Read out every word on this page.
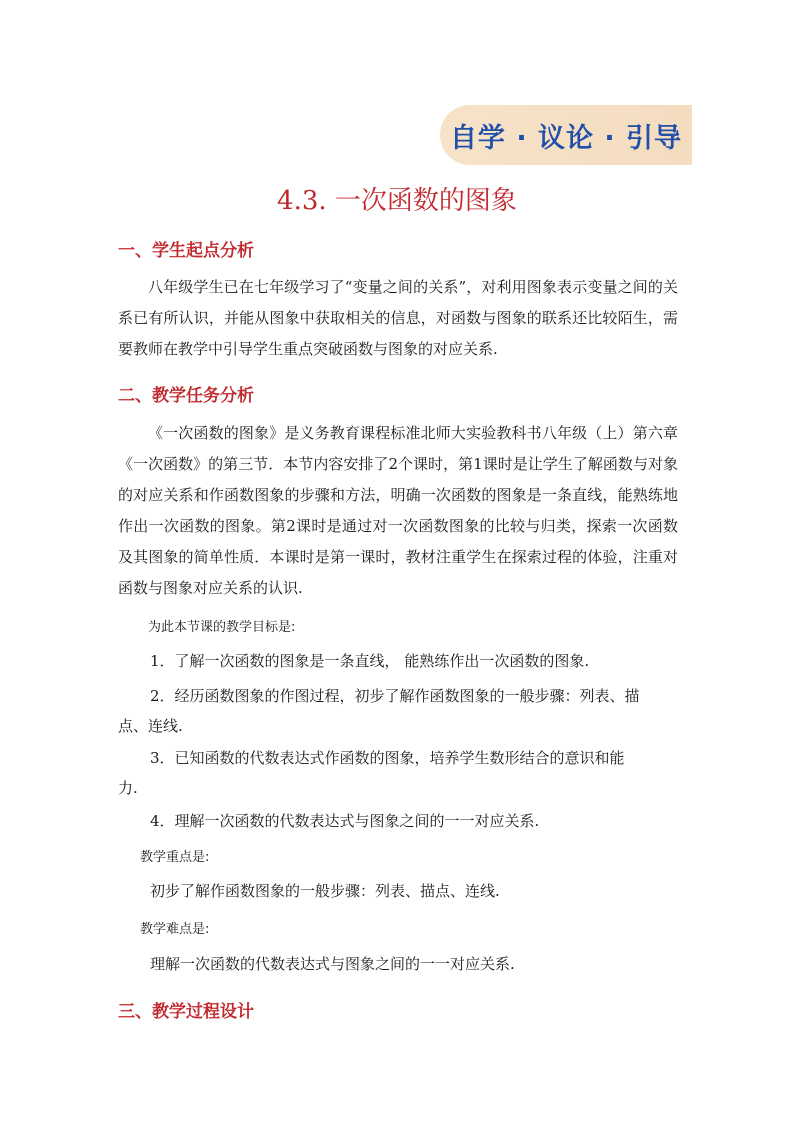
自学 · 议论 · 引导
4.3. 一次函数的图象
一、学生起点分析
八年级学生已在七年级学习了“变量之间的关系”，对利用图象表示变量之间的关系已有所认识，并能从图象中获取相关的信息，对函数与图象的联系还比较陌生，需要教师在教学中引导学生重点突破函数与图象的对应关系.
二、教学任务分析
《一次函数的图象》是义务教育课程标准北师大实验教科书八年级（上）第六章《一次函数》的第三节．本节内容安排了2个课时，第1课时是让学生了解函数与对象的对应关系和作函数图象的步骤和方法，明确一次函数的图象是一条直线，能熟练地作出一次函数的图象。第2课时是通过对一次函数图象的比较与归类，探索一次函数及其图象的简单性质．本课时是第一课时，教材注重学生在探索过程的体验，注重对函数与图象对应关系的认识.
为此本节课的教学目标是:
1．了解一次函数的图象是一条直线， 能熟练作出一次函数的图象.
2．经历函数图象的作图过程，初步了解作函数图象的一般步骤：列表、描
点、连线.
3．已知函数的代数表达式作函数的图象，培养学生数形结合的意识和能
力.
4．理解一次函数的代数表达式与图象之间的一一对应关系.
教学重点是:
初步了解作函数图象的一般步骤：列表、描点、连线.
教学难点是:
理解一次函数的代数表达式与图象之间的一一对应关系.
三、教学过程设计
